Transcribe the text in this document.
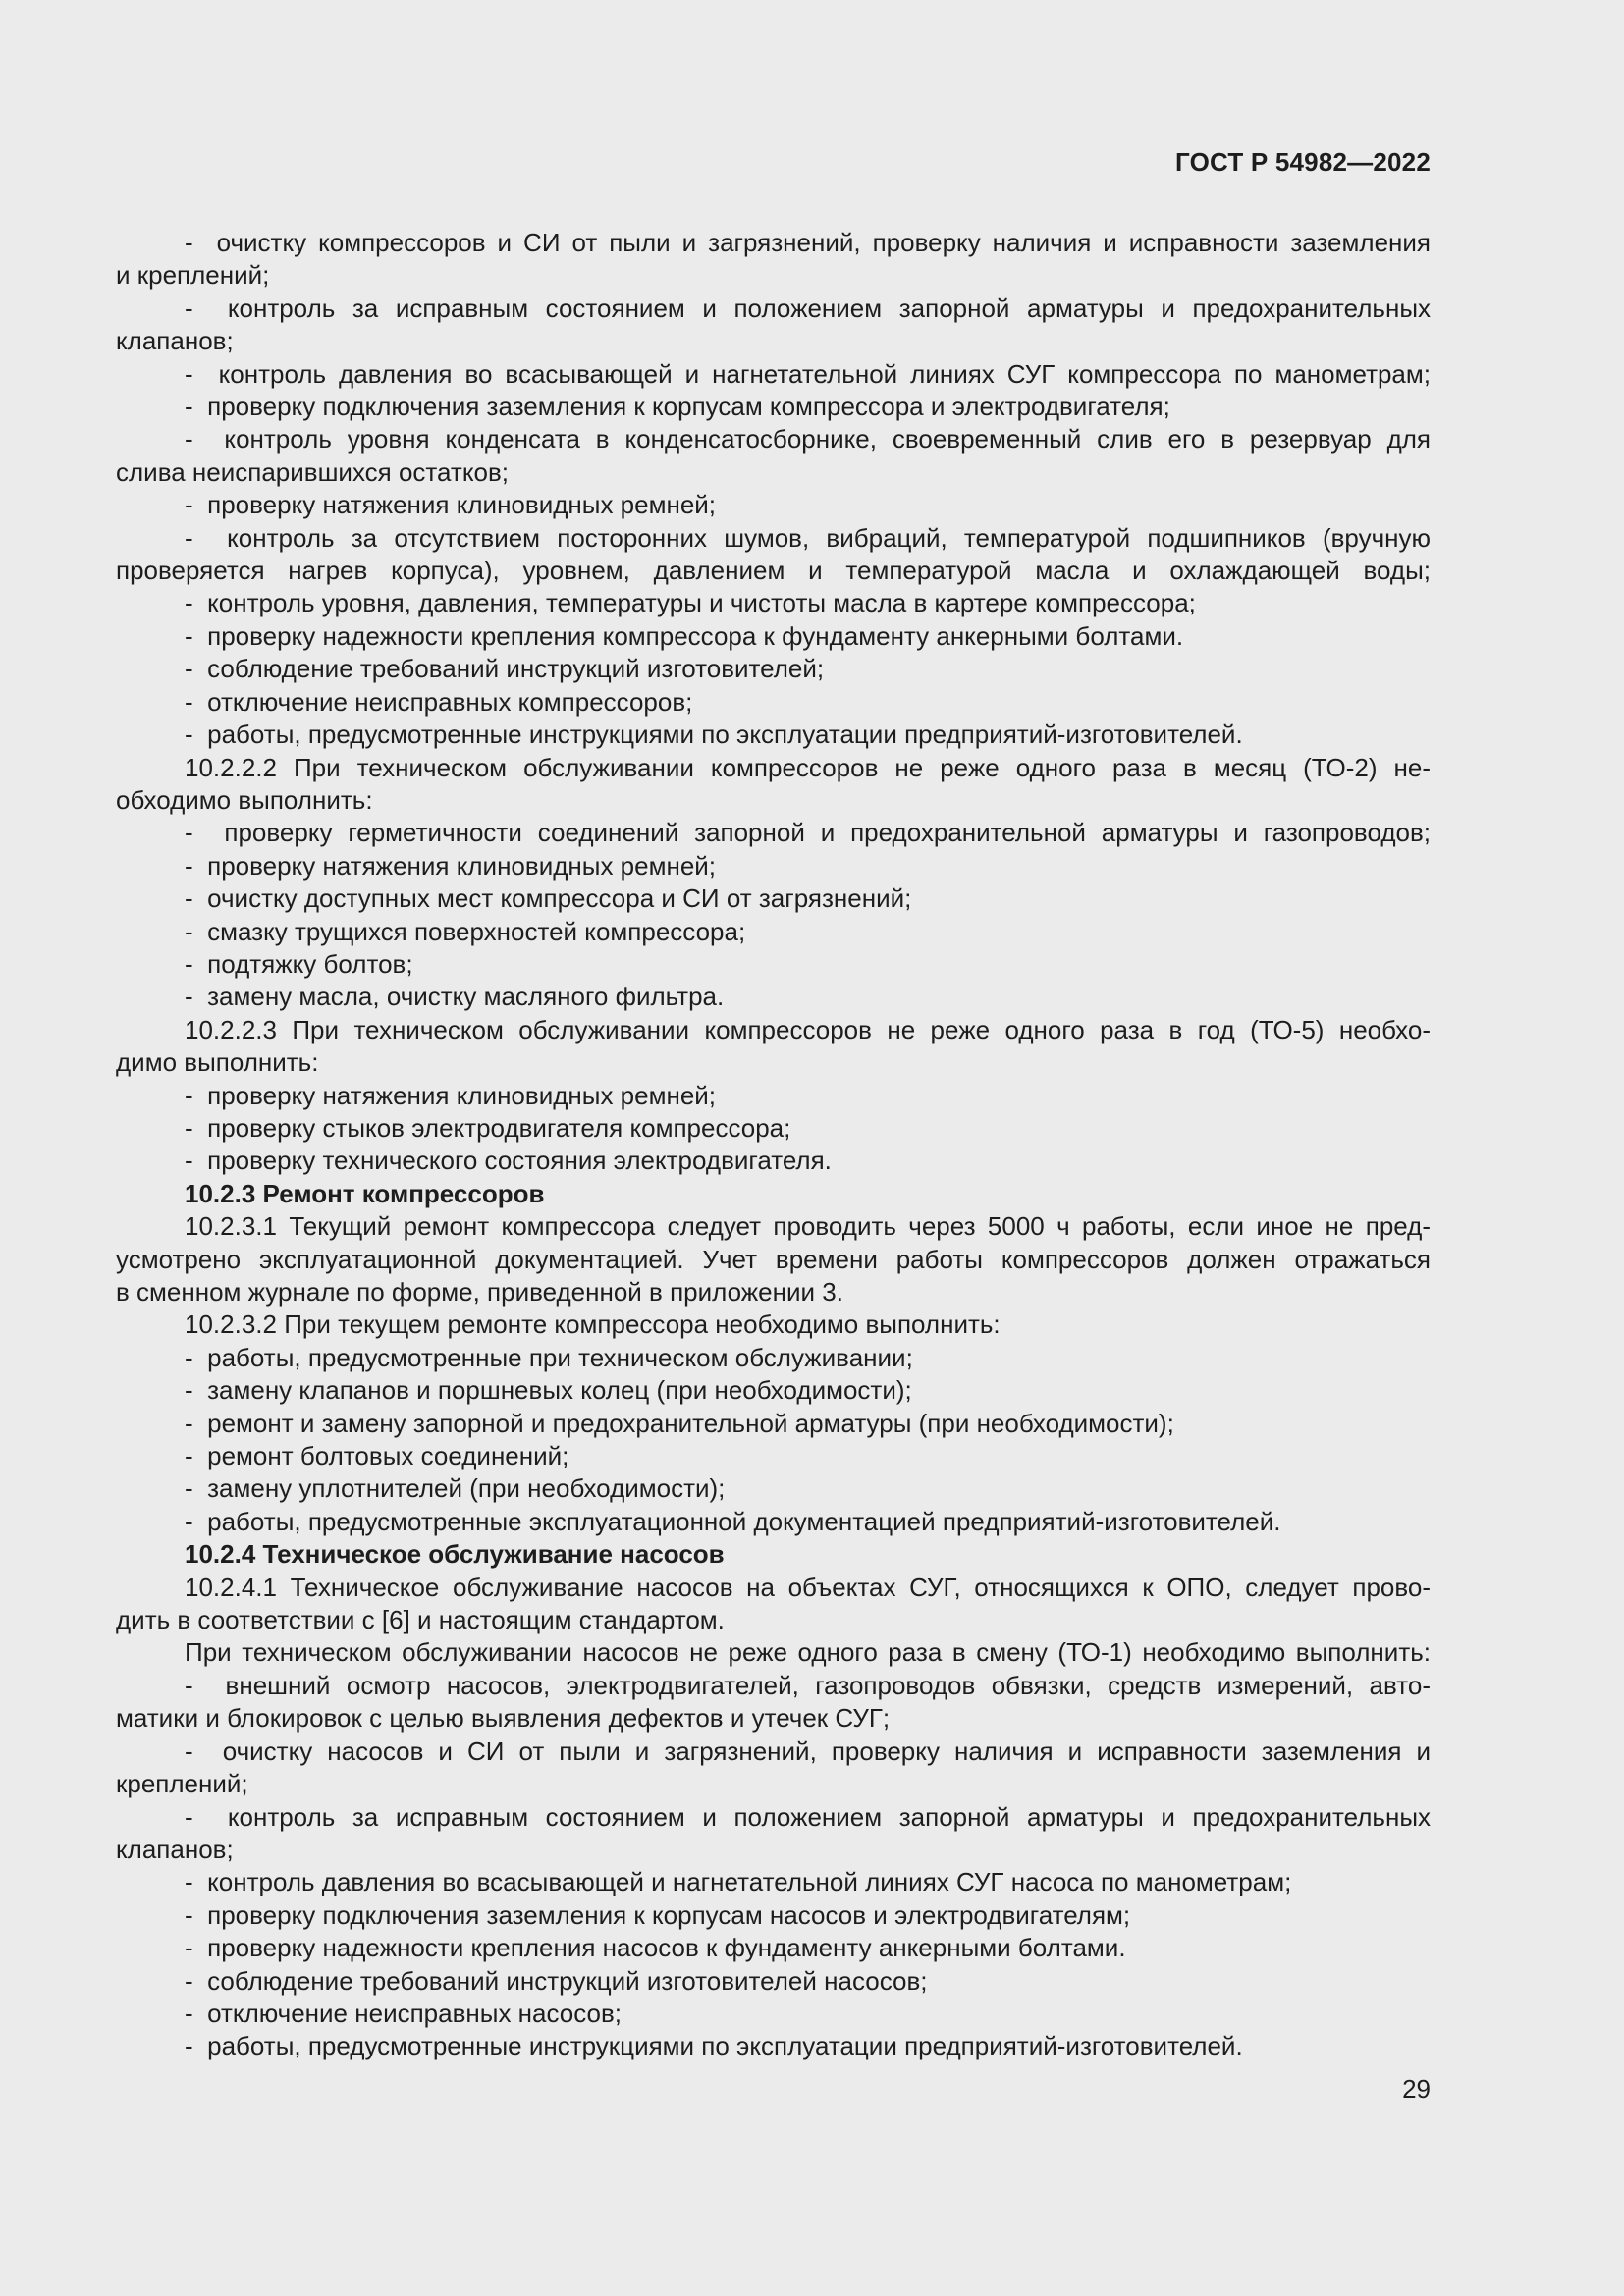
ГОСТ Р 54982—2022
-  очистку компрессоров и СИ от пыли и загрязнений, проверку наличия и исправности заземления
и креплений;
-  контроль за исправным состоянием и положением запорной арматуры и предохранительных
клапанов;
-  контроль давления во всасывающей и нагнетательной линиях СУГ компрессора по манометрам;
-  проверку подключения заземления к корпусам компрессора и электродвигателя;
-  контроль уровня конденсата в конденсатосборнике, своевременный слив его в резервуар для
слива неиспарившихся остатков;
-  проверку натяжения клиновидных ремней;
-  контроль за отсутствием посторонних шумов, вибраций, температурой подшипников (вручную
проверяется нагрев корпуса), уровнем, давлением и температурой масла и охлаждающей воды;
-  контроль уровня, давления, температуры и чистоты масла в картере компрессора;
-  проверку надежности крепления компрессора к фундаменту анкерными болтами.
-  соблюдение требований инструкций изготовителей;
-  отключение неисправных компрессоров;
-  работы, предусмотренные инструкциями по эксплуатации предприятий-изготовителей.
10.2.2.2 При техническом обслуживании компрессоров не реже одного раза в месяц (ТО-2) не-
обходимо выполнить:
-  проверку герметичности соединений запорной и предохранительной арматуры и газопроводов;
-  проверку натяжения клиновидных ремней;
-  очистку доступных мест компрессора и СИ от загрязнений;
-  смазку трущихся поверхностей компрессора;
-  подтяжку болтов;
-  замену масла, очистку масляного фильтра.
10.2.2.3 При техническом обслуживании компрессоров не реже одного раза в год (ТО-5) необхо-
димо выполнить:
-  проверку натяжения клиновидных ремней;
-  проверку стыков электродвигателя компрессора;
-  проверку технического состояния электродвигателя.
10.2.3 Ремонт компрессоров
10.2.3.1 Текущий ремонт компрессора следует проводить через 5000 ч работы, если иное не пред-
усмотрено эксплуатационной документацией. Учет времени работы компрессоров должен отражаться
в сменном журнале по форме, приведенной в приложении 3.
10.2.3.2 При текущем ремонте компрессора необходимо выполнить:
-  работы, предусмотренные при техническом обслуживании;
-  замену клапанов и поршневых колец (при необходимости);
-  ремонт и замену запорной и предохранительной арматуры (при необходимости);
-  ремонт болтовых соединений;
-  замену уплотнителей (при необходимости);
-  работы, предусмотренные эксплуатационной документацией предприятий-изготовителей.
10.2.4 Техническое обслуживание насосов
10.2.4.1 Техническое обслуживание насосов на объектах СУГ, относящихся к ОПО, следует прово-
дить в соответствии с [6] и настоящим стандартом.
При техническом обслуживании насосов не реже одного раза в смену (ТО-1) необходимо выполнить:
-  внешний осмотр насосов, электродвигателей, газопроводов обвязки, средств измерений, авто-
матики и блокировок с целью выявления дефектов и утечек СУГ;
-  очистку насосов и СИ от пыли и загрязнений, проверку наличия и исправности заземления и
креплений;
-  контроль за исправным состоянием и положением запорной арматуры и предохранительных
клапанов;
-  контроль давления во всасывающей и нагнетательной линиях СУГ насоса по манометрам;
-  проверку подключения заземления к корпусам насосов и электродвигателям;
-  проверку надежности крепления насосов к фундаменту анкерными болтами.
-  соблюдение требований инструкций изготовителей насосов;
-  отключение неисправных насосов;
-  работы, предусмотренные инструкциями по эксплуатации предприятий-изготовителей.
29
